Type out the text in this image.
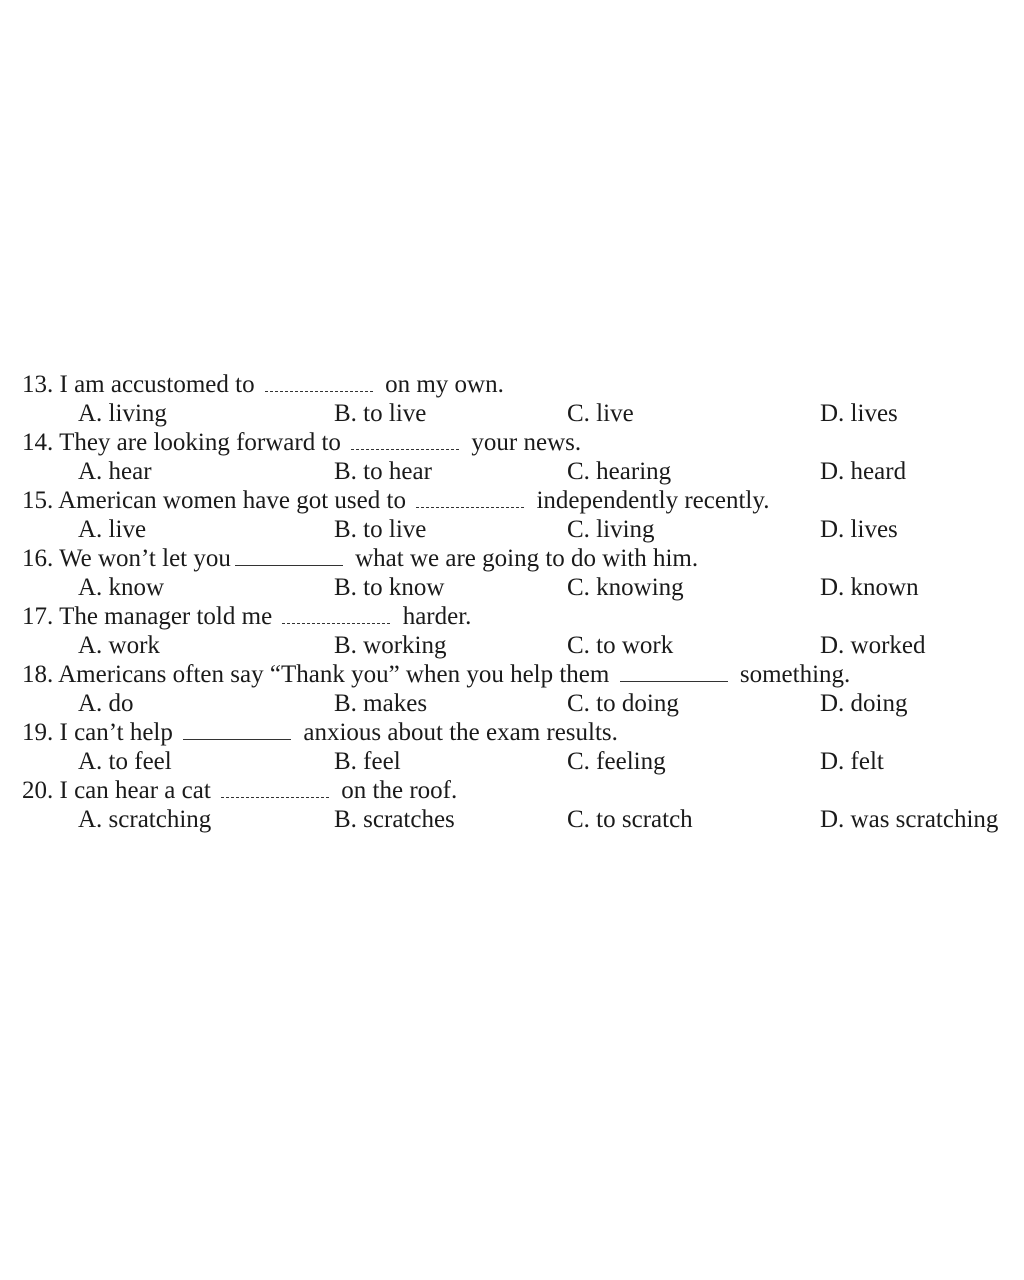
13. I am accustomed to	on my own.
A. living	B. to live	C. live	D. lives
14. They are looking forward to	your news.
A. hear	B. to hear	C. hearing	D. heard
15. American women have got used to	independently recently.
A. live	B. to live	C. living	D. lives
16. We won’t let you	what we are going to do with him.
A. know	B. to know	C. knowing	D. known
17. The manager told me	harder.
A. work	B. working	C. to work	D. worked
18. Americans often say “Thank you” when you help them	something.
A. do	B. makes	C. to doing	D. doing
19. I can’t help	anxious about the exam results.
A. to feel	B. feel	C. feeling	D. felt
20. I can hear a cat	on the roof.
A. scratching	B. scratches	C. to scratch	D. was scratching
